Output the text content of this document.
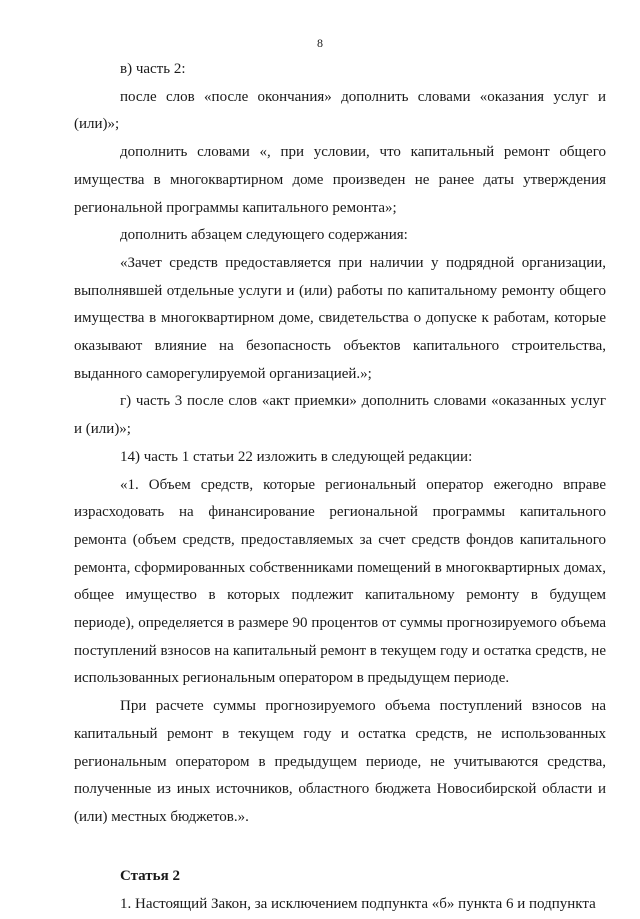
8

в) часть 2:

после слов «после окончания» дополнить словами «оказания услуг и (или)»;

дополнить словами «, при условии, что капитальный ремонт общего имущества в многоквартирном доме произведен не ранее даты утверждения региональной программы капитального ремонта»;

дополнить абзацем следующего содержания:

«Зачет средств предоставляется при наличии у подрядной организации, выполнявшей отдельные услуги и (или) работы по капитальному ремонту общего имущества в многоквартирном доме, свидетельства о допуске к работам, которые оказывают влияние на безопасность объектов капитального строительства, выданного саморегулируемой организацией.»;

г) часть 3 после слов «акт приемки» дополнить словами «оказанных услуг и (или)»;

14) часть 1 статьи 22 изложить в следующей редакции:

«1. Объем средств, которые региональный оператор ежегодно вправе израсходовать на финансирование региональной программы капитального ремонта (объем средств, предоставляемых за счет средств фондов капитального ремонта, сформированных собственниками помещений в многоквартирных домах, общее имущество в которых подлежит капитальному ремонту в будущем периоде), определяется в размере 90 процентов от суммы прогнозируемого объема поступлений взносов на капитальный ремонт в текущем году и остатка средств, не использованных региональным оператором в предыдущем периоде.

При расчете суммы прогнозируемого объема поступлений взносов на капитальный ремонт в текущем году и остатка средств, не использованных региональным оператором в предыдущем периоде, не учитываются средства, полученные из иных источников, областного бюджета Новосибирской области и (или) местных бюджетов.».

Статья 2

1. Настоящий Закон, за исключением подпункта «б» пункта 6 и подпункта
